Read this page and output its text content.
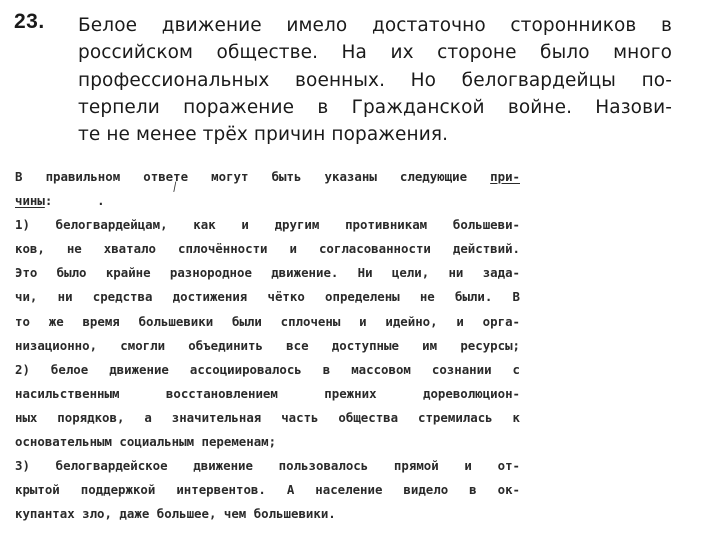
23. Белое движение имело достаточно сторонников в
российском обществе. На их стороне было много
профессиональных военных. Но белогвардейцы по-
терпели поражение в Гражданской войне. Назови-
те не менее трёх причин поражения.
⁄
В правильном ответе могут быть указаны следующие при-
чины:	.
1) белогвардейцам, как и другим противникам большеви-
ков, не хватало сплочённости и согласованности действий.
Это было крайне разнородное движение. Ни цели, ни зада-
чи, ни средства достижения чётко определены не были. В
то же время большевики были сплочены и идейно, и орга-
низационно, смогли объединить все доступные им ресурсы;
2) белое движение ассоциировалось в массовом сознании с
насильственным восстановлением прежних дореволюцион-
ных порядков, а значительная часть общества стремилась к
основательным социальным переменам;
3) белогвардейское движение пользовалось прямой и от-
крытой поддержкой интервентов. А население видело в ок-
купантах зло, даже большее, чем большевики.
